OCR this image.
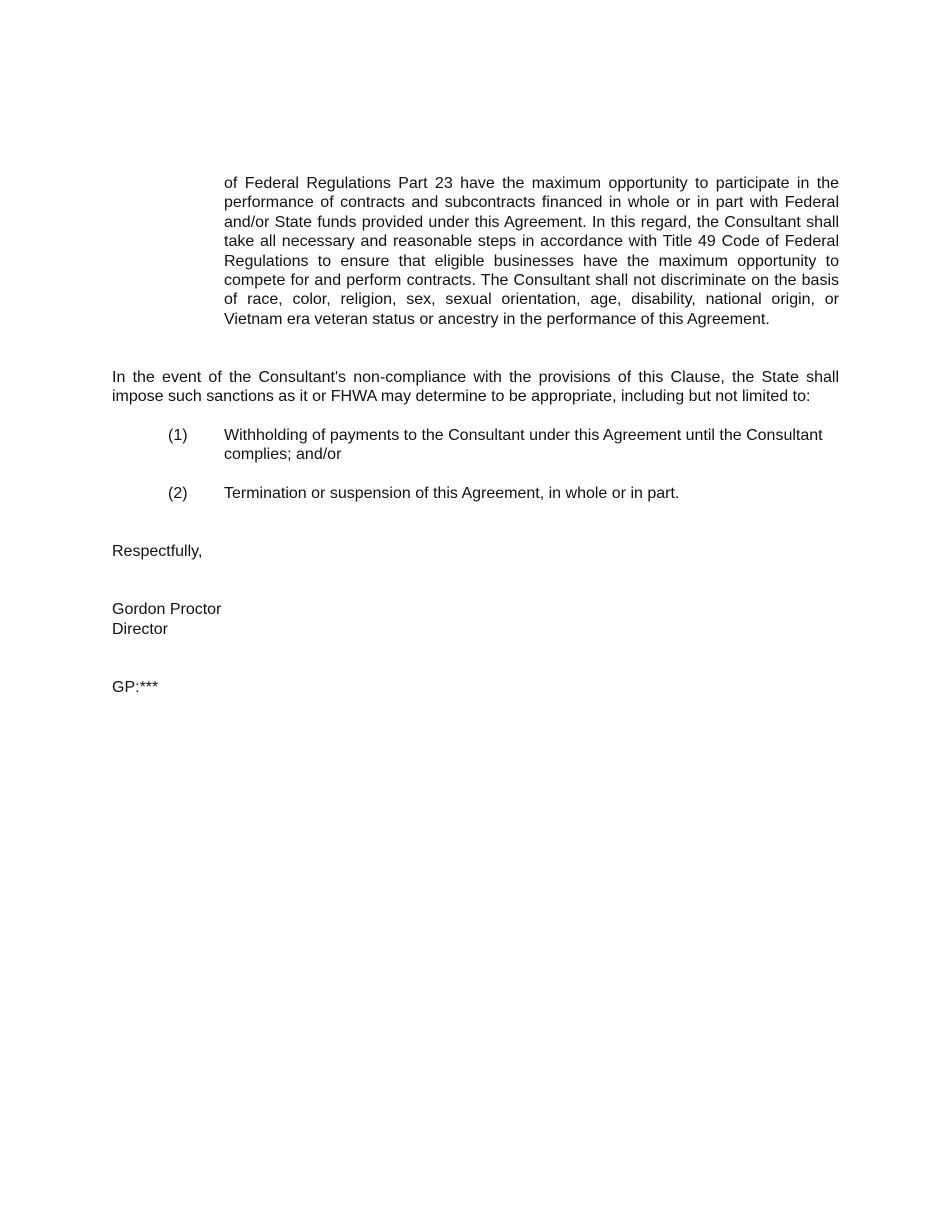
of Federal Regulations Part 23 have the maximum opportunity to participate in the performance of contracts and subcontracts financed in whole or in part with Federal and/or State funds provided under this Agreement. In this regard, the Consultant shall take all necessary and reasonable steps in accordance with Title 49 Code of Federal Regulations to ensure that eligible businesses have the maximum opportunity to compete for and perform contracts. The Consultant shall not discriminate on the basis of race, color, religion, sex, sexual orientation, age, disability, national origin, or Vietnam era veteran status or ancestry in the performance of this Agreement.

In the event of the Consultant's non-compliance with the provisions of this Clause, the State shall impose such sanctions as it or FHWA may determine to be appropriate, including but not limited to:

(1)	Withholding of payments to the Consultant under this Agreement until the Consultant complies; and/or

(2)	Termination or suspension of this Agreement, in whole or in part.

Respectfully,

Gordon Proctor

Director

GP:***
